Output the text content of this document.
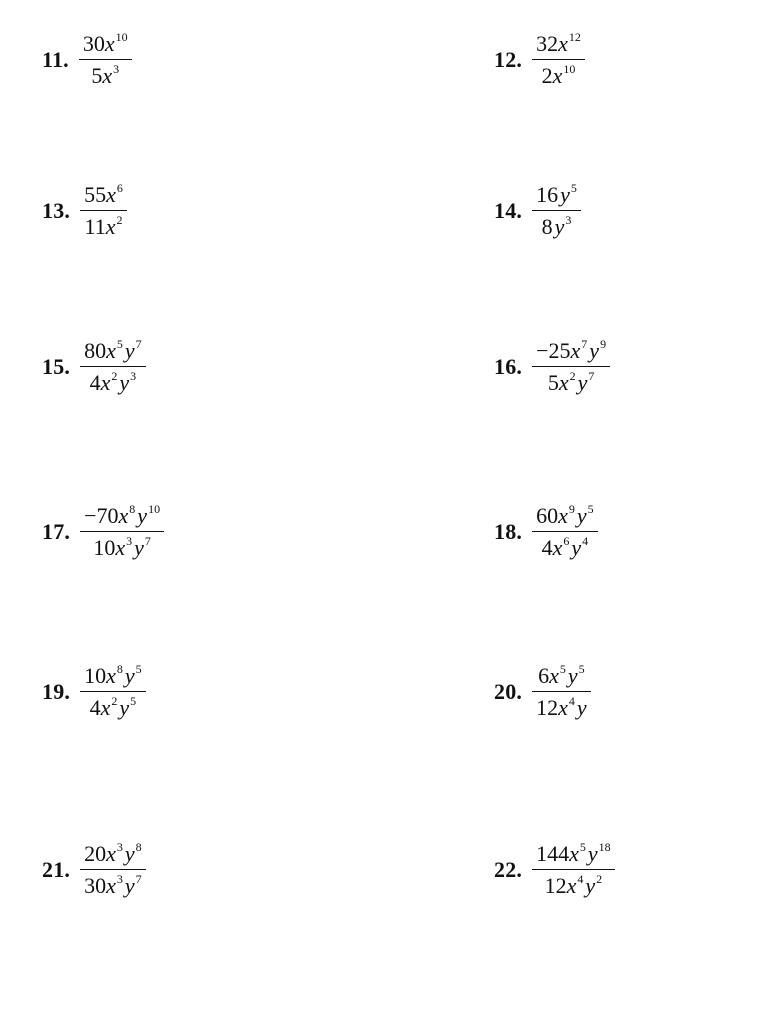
11. $\frac{30x^{10}}{5x^3}$	12. $\frac{32x^{12}}{2x^{10}}$
13. $\frac{55x^6}{11x^2}$	14. $\frac{16y^5}{8y^3}$
15. $\frac{80x^5y^7}{4x^2y^3}$	16. $\frac{-25x^7y^9}{5x^2y^7}$
17. $\frac{-70x^8y^{10}}{10x^3y^7}$	18. $\frac{60x^9y^5}{4x^6y^4}$
19. $\frac{10x^8y^5}{4x^2y^5}$	20. $\frac{6x^5y^5}{12x^4y}$
21. $\frac{20x^3y^8}{30x^3y^7}$	22. $\frac{144x^5y^{18}}{12x^4y^2}$
